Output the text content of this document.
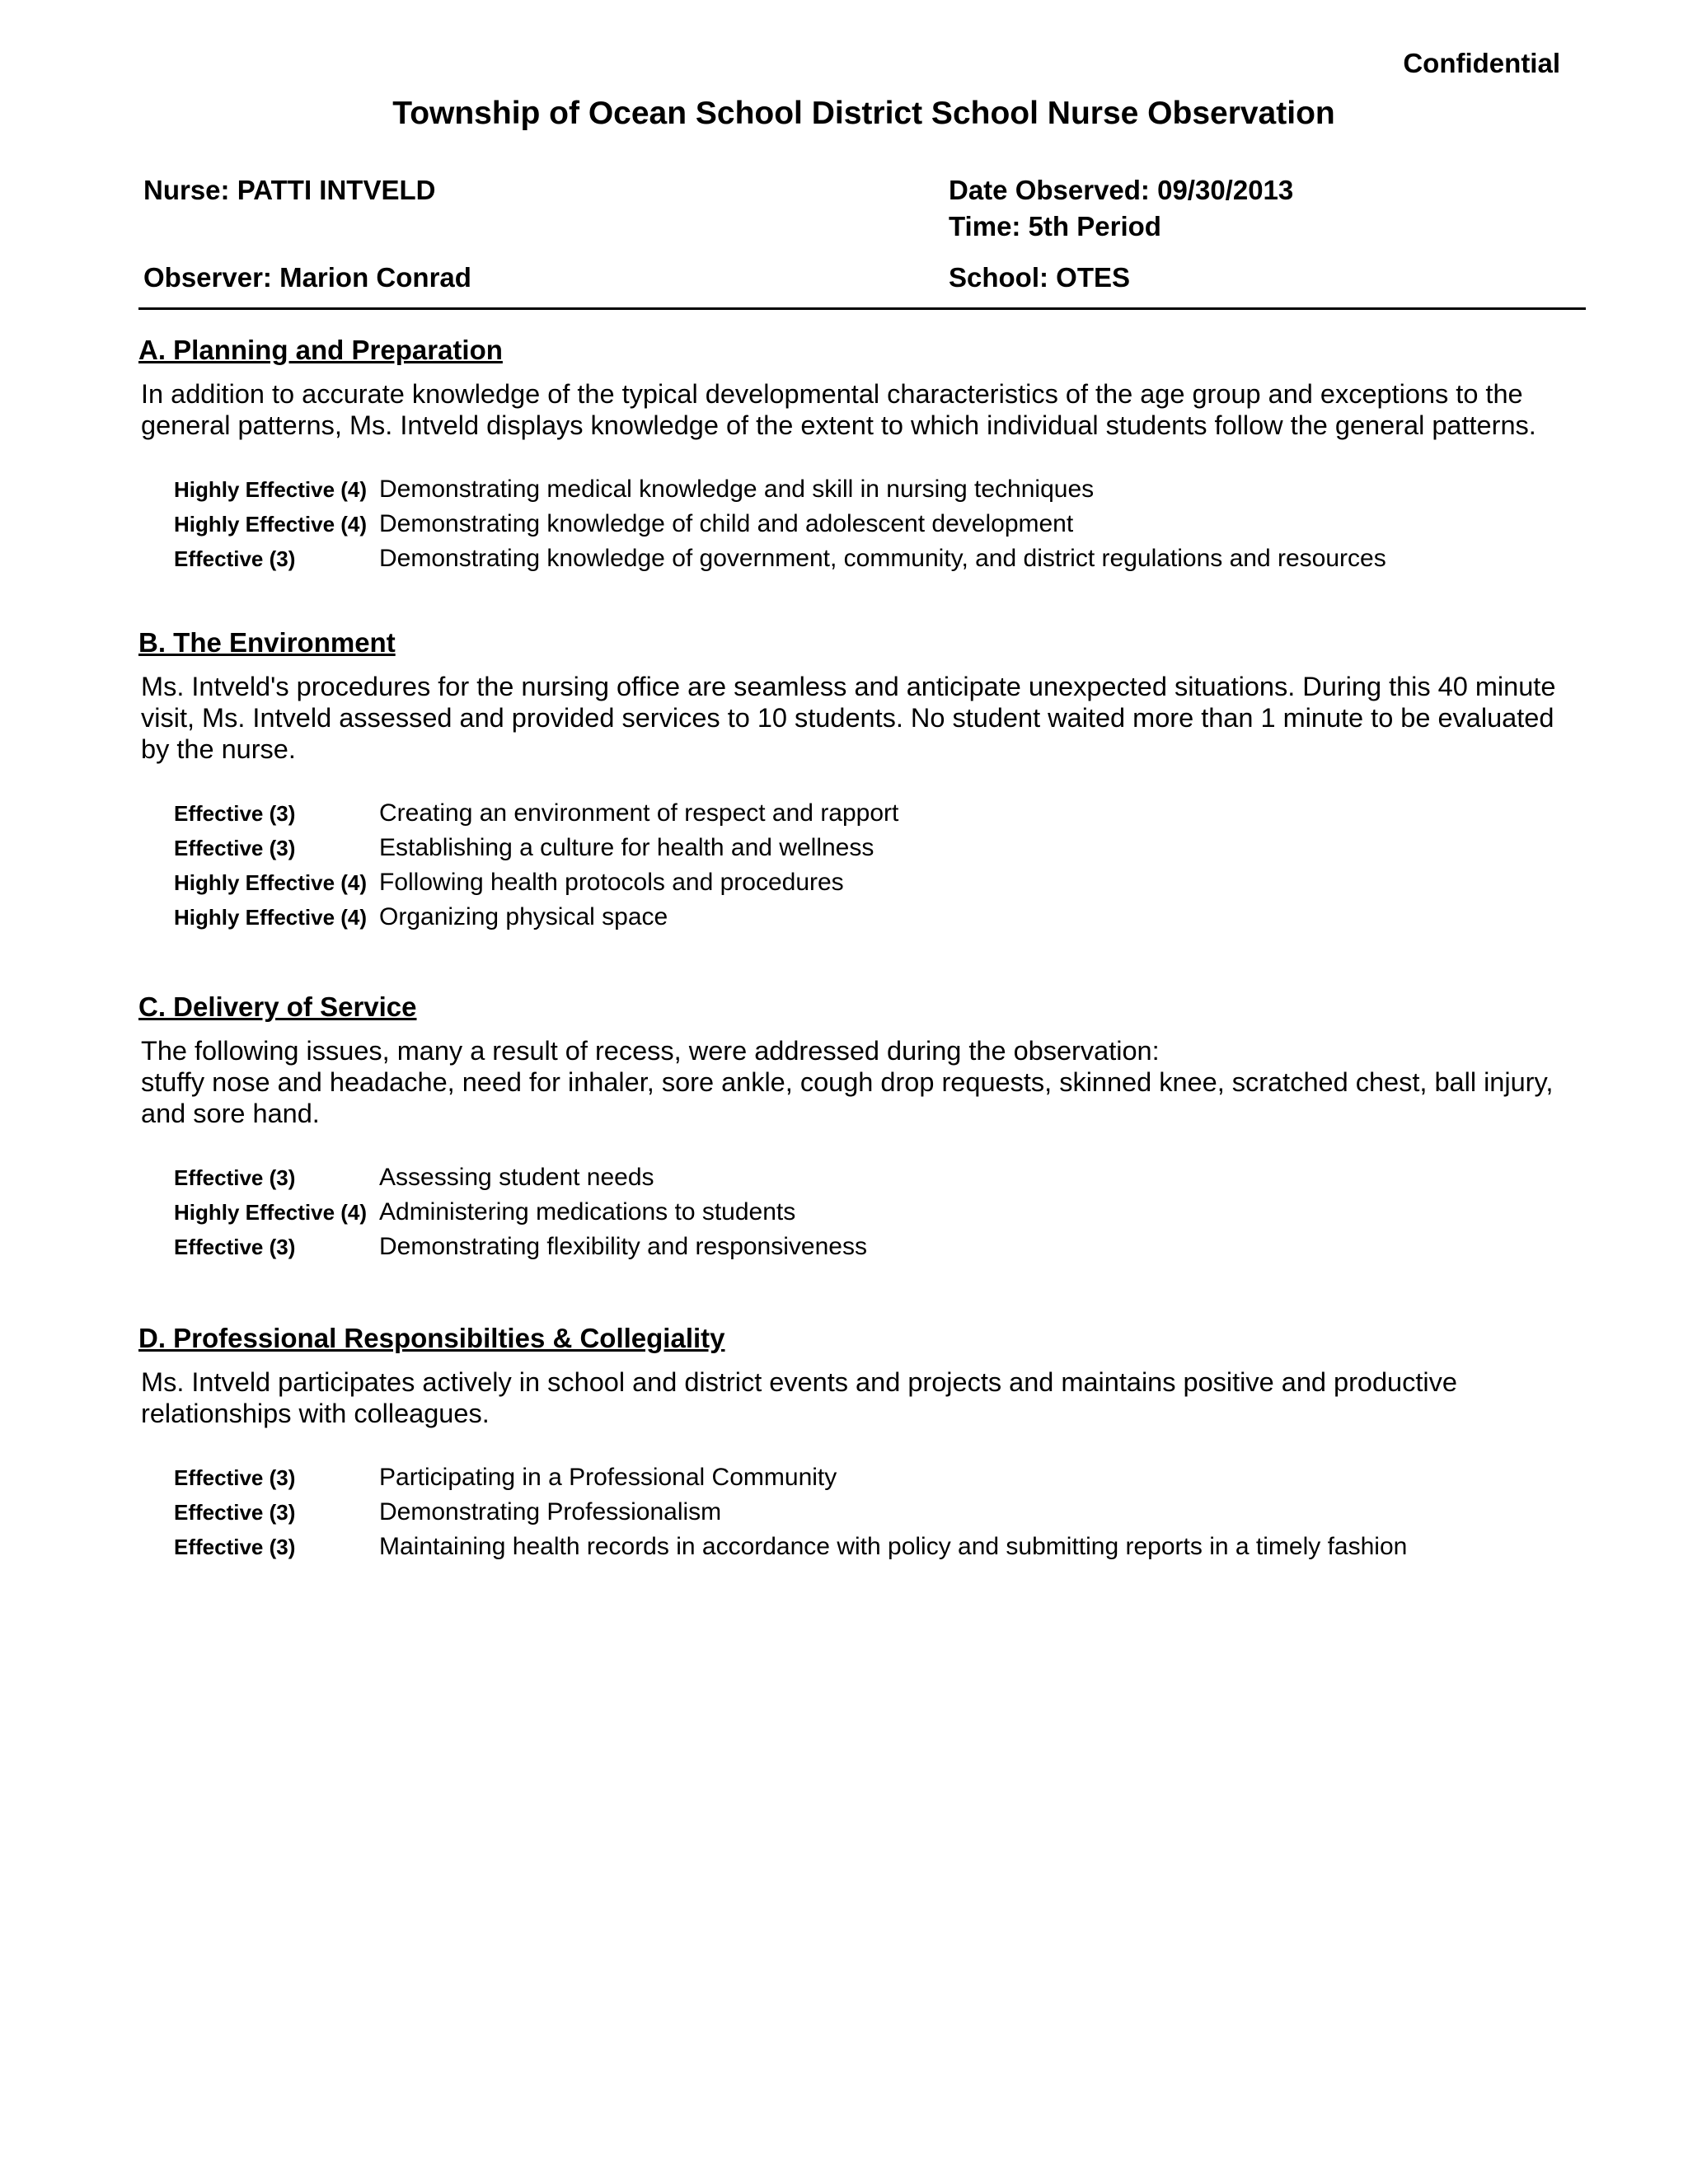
Confidential
Township of Ocean School District School Nurse Observation
Nurse: PATTI INTVELD	Date Observed: 09/30/2013
Time: 5th Period
Observer: Marion Conrad	School: OTES
A. Planning and Preparation

In addition to accurate knowledge of the typical developmental characteristics of the age group and exceptions to the general patterns, Ms. Intveld displays knowledge of the extent to which individual students follow the general patterns.

Highly Effective (4)	Demonstrating medical knowledge and skill in nursing techniques
Highly Effective (4)	Demonstrating knowledge of child and adolescent development
Effective (3)	Demonstrating knowledge of government, community, and district regulations and resources
B. The Environment

Ms. Intveld's procedures for the nursing office are seamless and anticipate unexpected situations. During this 40 minute visit, Ms. Intveld assessed and provided services to 10 students. No student waited more than 1 minute to be evaluated by the nurse.

Effective (3)	Creating an environment of respect and rapport
Effective (3)	Establishing a culture for health and wellness
Highly Effective (4)	Following health protocols and procedures
Highly Effective (4)	Organizing physical space
C. Delivery of Service

The following issues, many a result of recess, were addressed during the observation:
stuffy nose and headache, need for inhaler, sore ankle, cough drop requests, skinned knee, scratched chest, ball injury, and sore hand.

Effective (3)	Assessing student needs
Highly Effective (4)	Administering medications to students
Effective (3)	Demonstrating flexibility and responsiveness
D. Professional Responsibilties & Collegiality

Ms. Intveld participates actively in school and district events and projects and maintains positive and productive relationships with colleagues.

Effective (3)	Participating in a Professional Community
Effective (3)	Demonstrating Professionalism
Effective (3)	Maintaining health records in accordance with policy and submitting reports in a timely fashion
